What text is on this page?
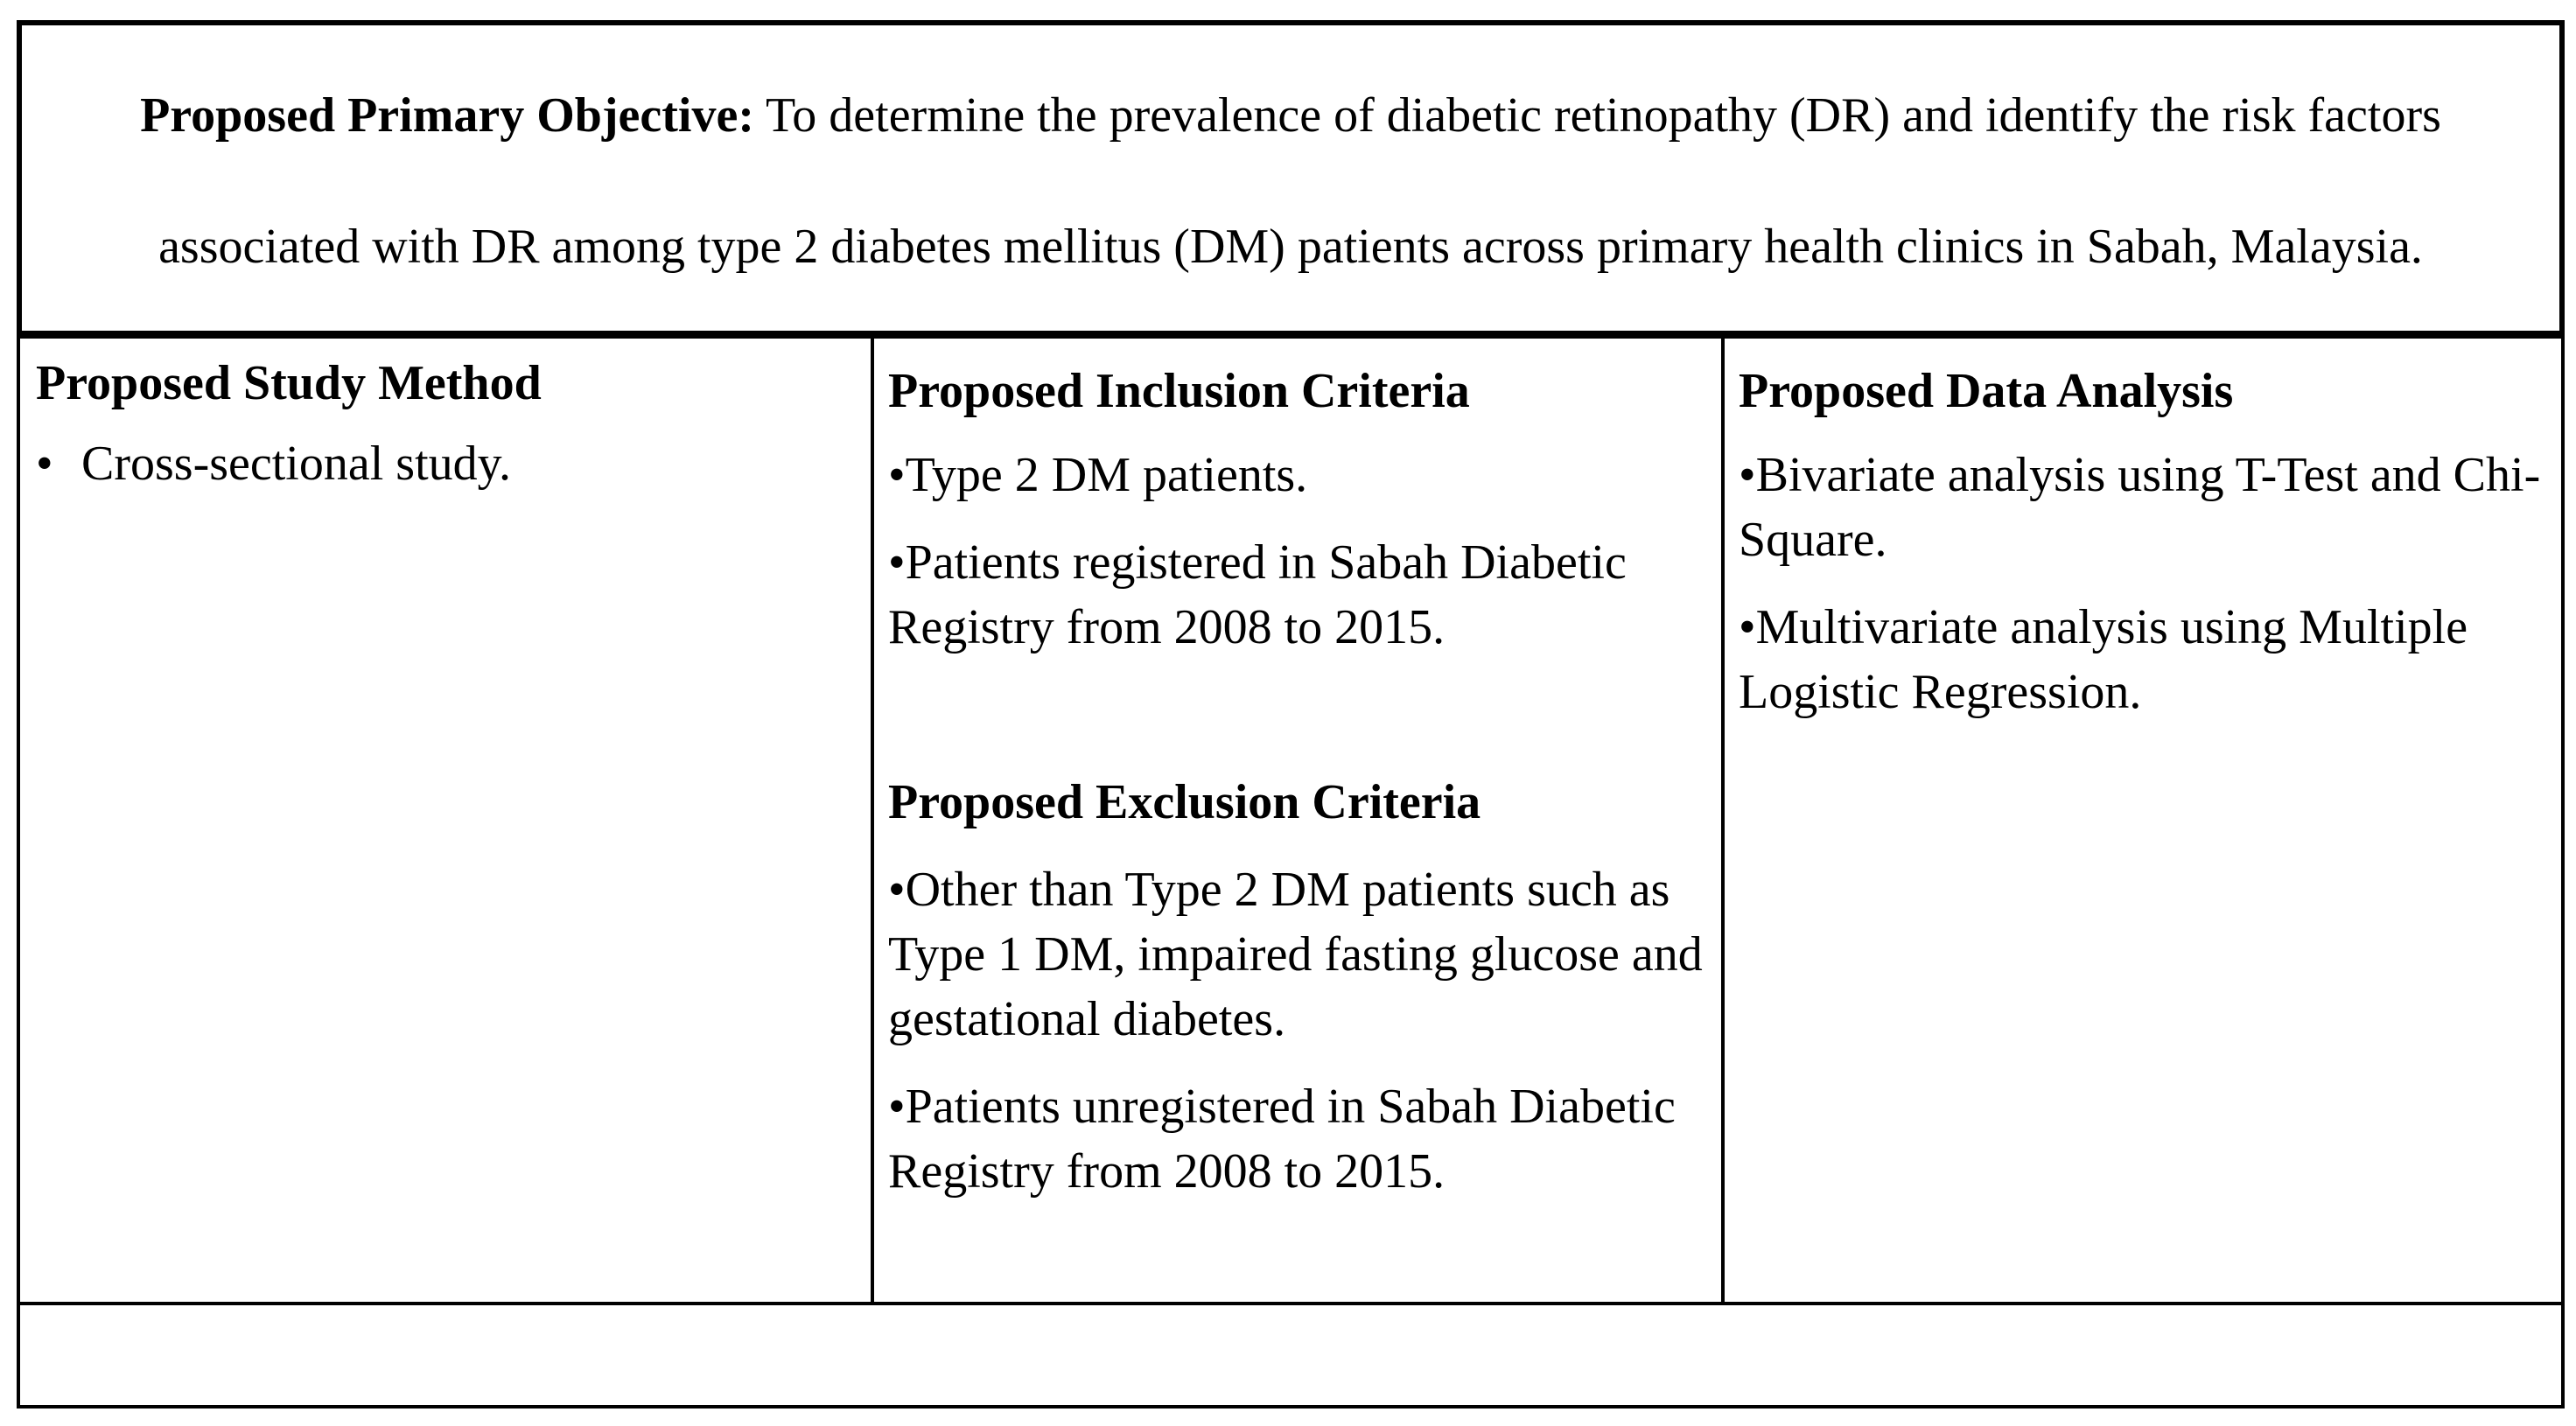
Proposed Primary Objective: To determine the prevalence of diabetic retinopathy (DR) and identify the risk factors
associated with DR among type 2 diabetes mellitus (DM) patients across primary health clinics in Sabah, Malaysia.
Proposed Study Method
• Cross-sectional study.
Proposed Inclusion Criteria

•Type 2 DM patients.

•Patients registered in Sabah Diabetic Registry from 2008 to 2015.

Proposed Exclusion Criteria

•Other than Type 2 DM patients such as Type 1 DM, impaired fasting glucose and gestational diabetes.

•Patients unregistered in Sabah Diabetic Registry from 2008 to 2015.

Proposed Data Analysis

•Bivariate analysis using T-Test and Chi-Square.

•Multivariate analysis using Multiple Logistic Regression.
